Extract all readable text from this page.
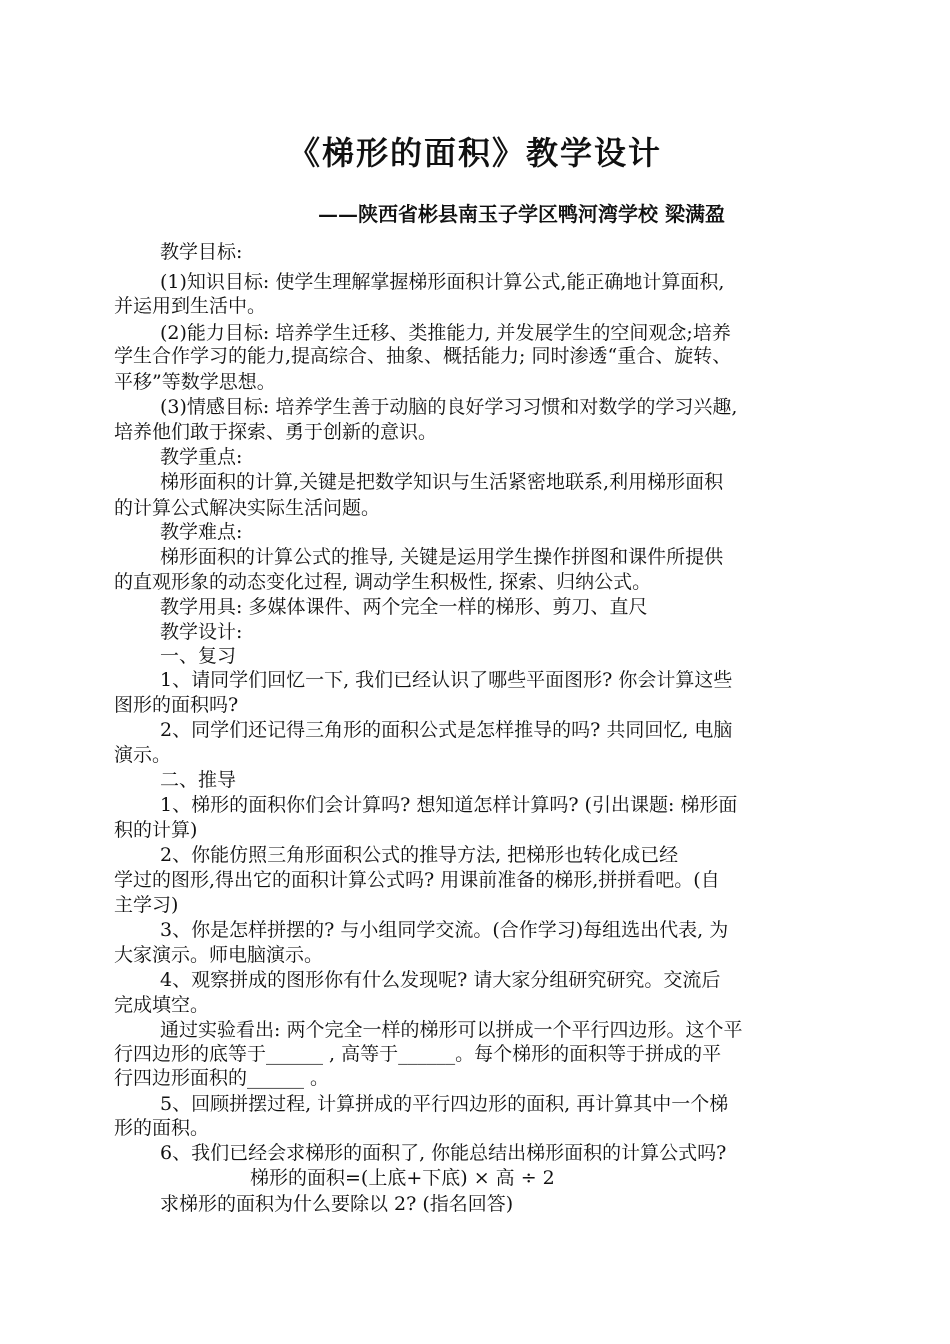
《梯形的面积》教学设计
——陕西省彬县南玉子学区鸭河湾学校 梁满盈
教学目标:
(1)知识目标: 使学生理解掌握梯形面积计算公式,能正确地计算面积,
并运用到生活中。
(2)能力目标: 培养学生迁移、类推能力, 并发展学生的空间观念;培养
学生合作学习的能力,提高综合、抽象、概括能力; 同时渗透“重合、旋转、
平移”等数学思想。
(3)情感目标: 培养学生善于动脑的良好学习习惯和对数学的学习兴趣,
培养他们敢于探索、勇于创新的意识。
教学重点:
梯形面积的计算,关键是把数学知识与生活紧密地联系,利用梯形面积
的计算公式解决实际生活问题。
教学难点:
梯形面积的计算公式的推导, 关键是运用学生操作拼图和课件所提供
的直观形象的动态变化过程, 调动学生积极性, 探索、归纳公式。
教学用具: 多媒体课件、两个完全一样的梯形、剪刀、直尺
教学设计:
一、复习
1、请同学们回忆一下, 我们已经认识了哪些平面图形? 你会计算这些
图形的面积吗?
2、同学们还记得三角形的面积公式是怎样推导的吗? 共同回忆, 电脑
演示。
二、推导
1、梯形的面积你们会计算吗? 想知道怎样计算吗? (引出课题: 梯形面
积的计算)
2、你能仿照三角形面积公式的推导方法, 把梯形也转化成已经
学过的图形,得出它的面积计算公式吗? 用课前准备的梯形,拼拼看吧。(自
主学习)
3、你是怎样拼摆的? 与小组同学交流。(合作学习)每组选出代表, 为
大家演示。师电脑演示。
4、观察拼成的图形你有什么发现呢? 请大家分组研究研究。交流后
完成填空。
通过实验看出: 两个完全一样的梯形可以拼成一个平行四边形。这个平
行四边形的底等于______ , 高等于______。每个梯形的面积等于拼成的平
行四边形面积的______ 。
5、回顾拼摆过程, 计算拼成的平行四边形的面积, 再计算其中一个梯
形的面积。
6、我们已经会求梯形的面积了, 你能总结出梯形面积的计算公式吗?
梯形的面积=(上底+下底) × 高 ÷ 2
求梯形的面积为什么要除以 2? (指名回答)
